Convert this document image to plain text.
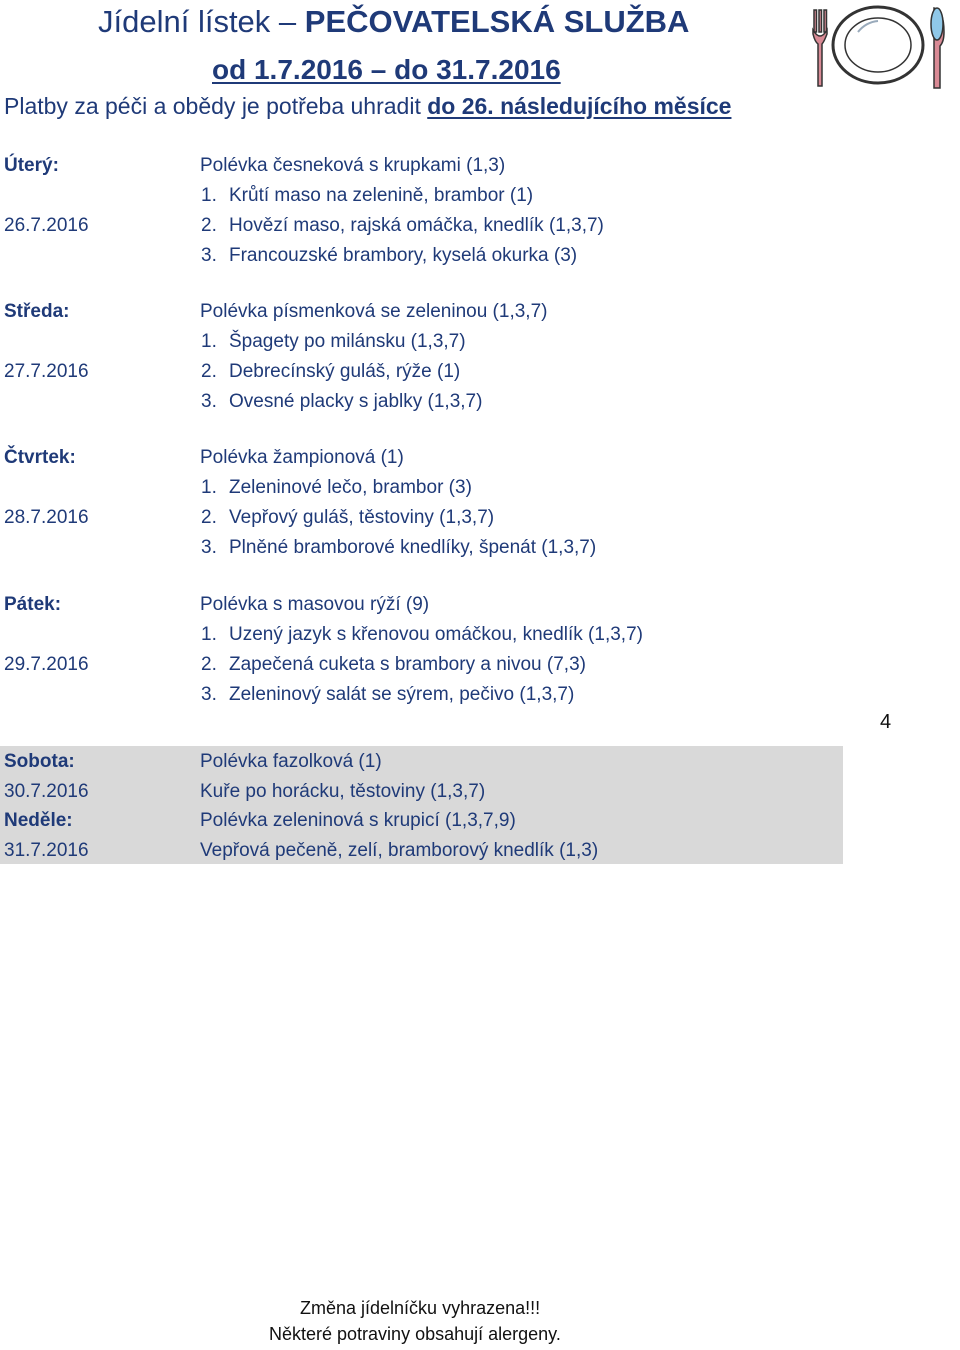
Jídelní lístek – PEČOVATELSKÁ SLUŽBA
od 1.7.2016 – do 31.7.2016
Platby za péči a obědy je potřeba uhradit do 26. následujícího měsíce
Úterý:	Polévka česneková s krupkami (1,3)
1. Krůtí maso na zelenině, brambor (1)
26.7.2016	2. Hovězí maso, rajská omáčka, knedlík (1,3,7)
3. Francouzské brambory, kyselá okurka (3)
Středa:	Polévka písmenková se zeleninou (1,3,7)
1. Špagety po milánsku (1,3,7)
27.7.2016	2. Debrecínský guláš, rýže (1)
3. Ovesné placky s jablky (1,3,7)
Čtvrtek:	Polévka žampionová (1)
1. Zeleninové lečo, brambor (3)
28.7.2016	2. Vepřový guláš, těstoviny (1,3,7)
3. Plněné bramborové knedlíky, špenát (1,3,7)
Pátek:	Polévka s masovou rýží (9)
1. Uzený jazyk s křenovou omáčkou, knedlík (1,3,7)
29.7.2016	2. Zapečená cuketa s brambory a nivou (7,3)
3. Zeleninový salát se sýrem, pečivo (1,3,7)
Sobota:	Polévka fazolková (1)
30.7.2016	Kuře po horácku, těstoviny (1,3,7)
Neděle:	Polévka zeleninová s krupicí (1,3,7,9)
31.7.2016	Vepřová pečeně, zelí, bramborový knedlík (1,3)
4
Změna jídelníčku vyhrazena!!!
Některé potraviny obsahují alergeny.
